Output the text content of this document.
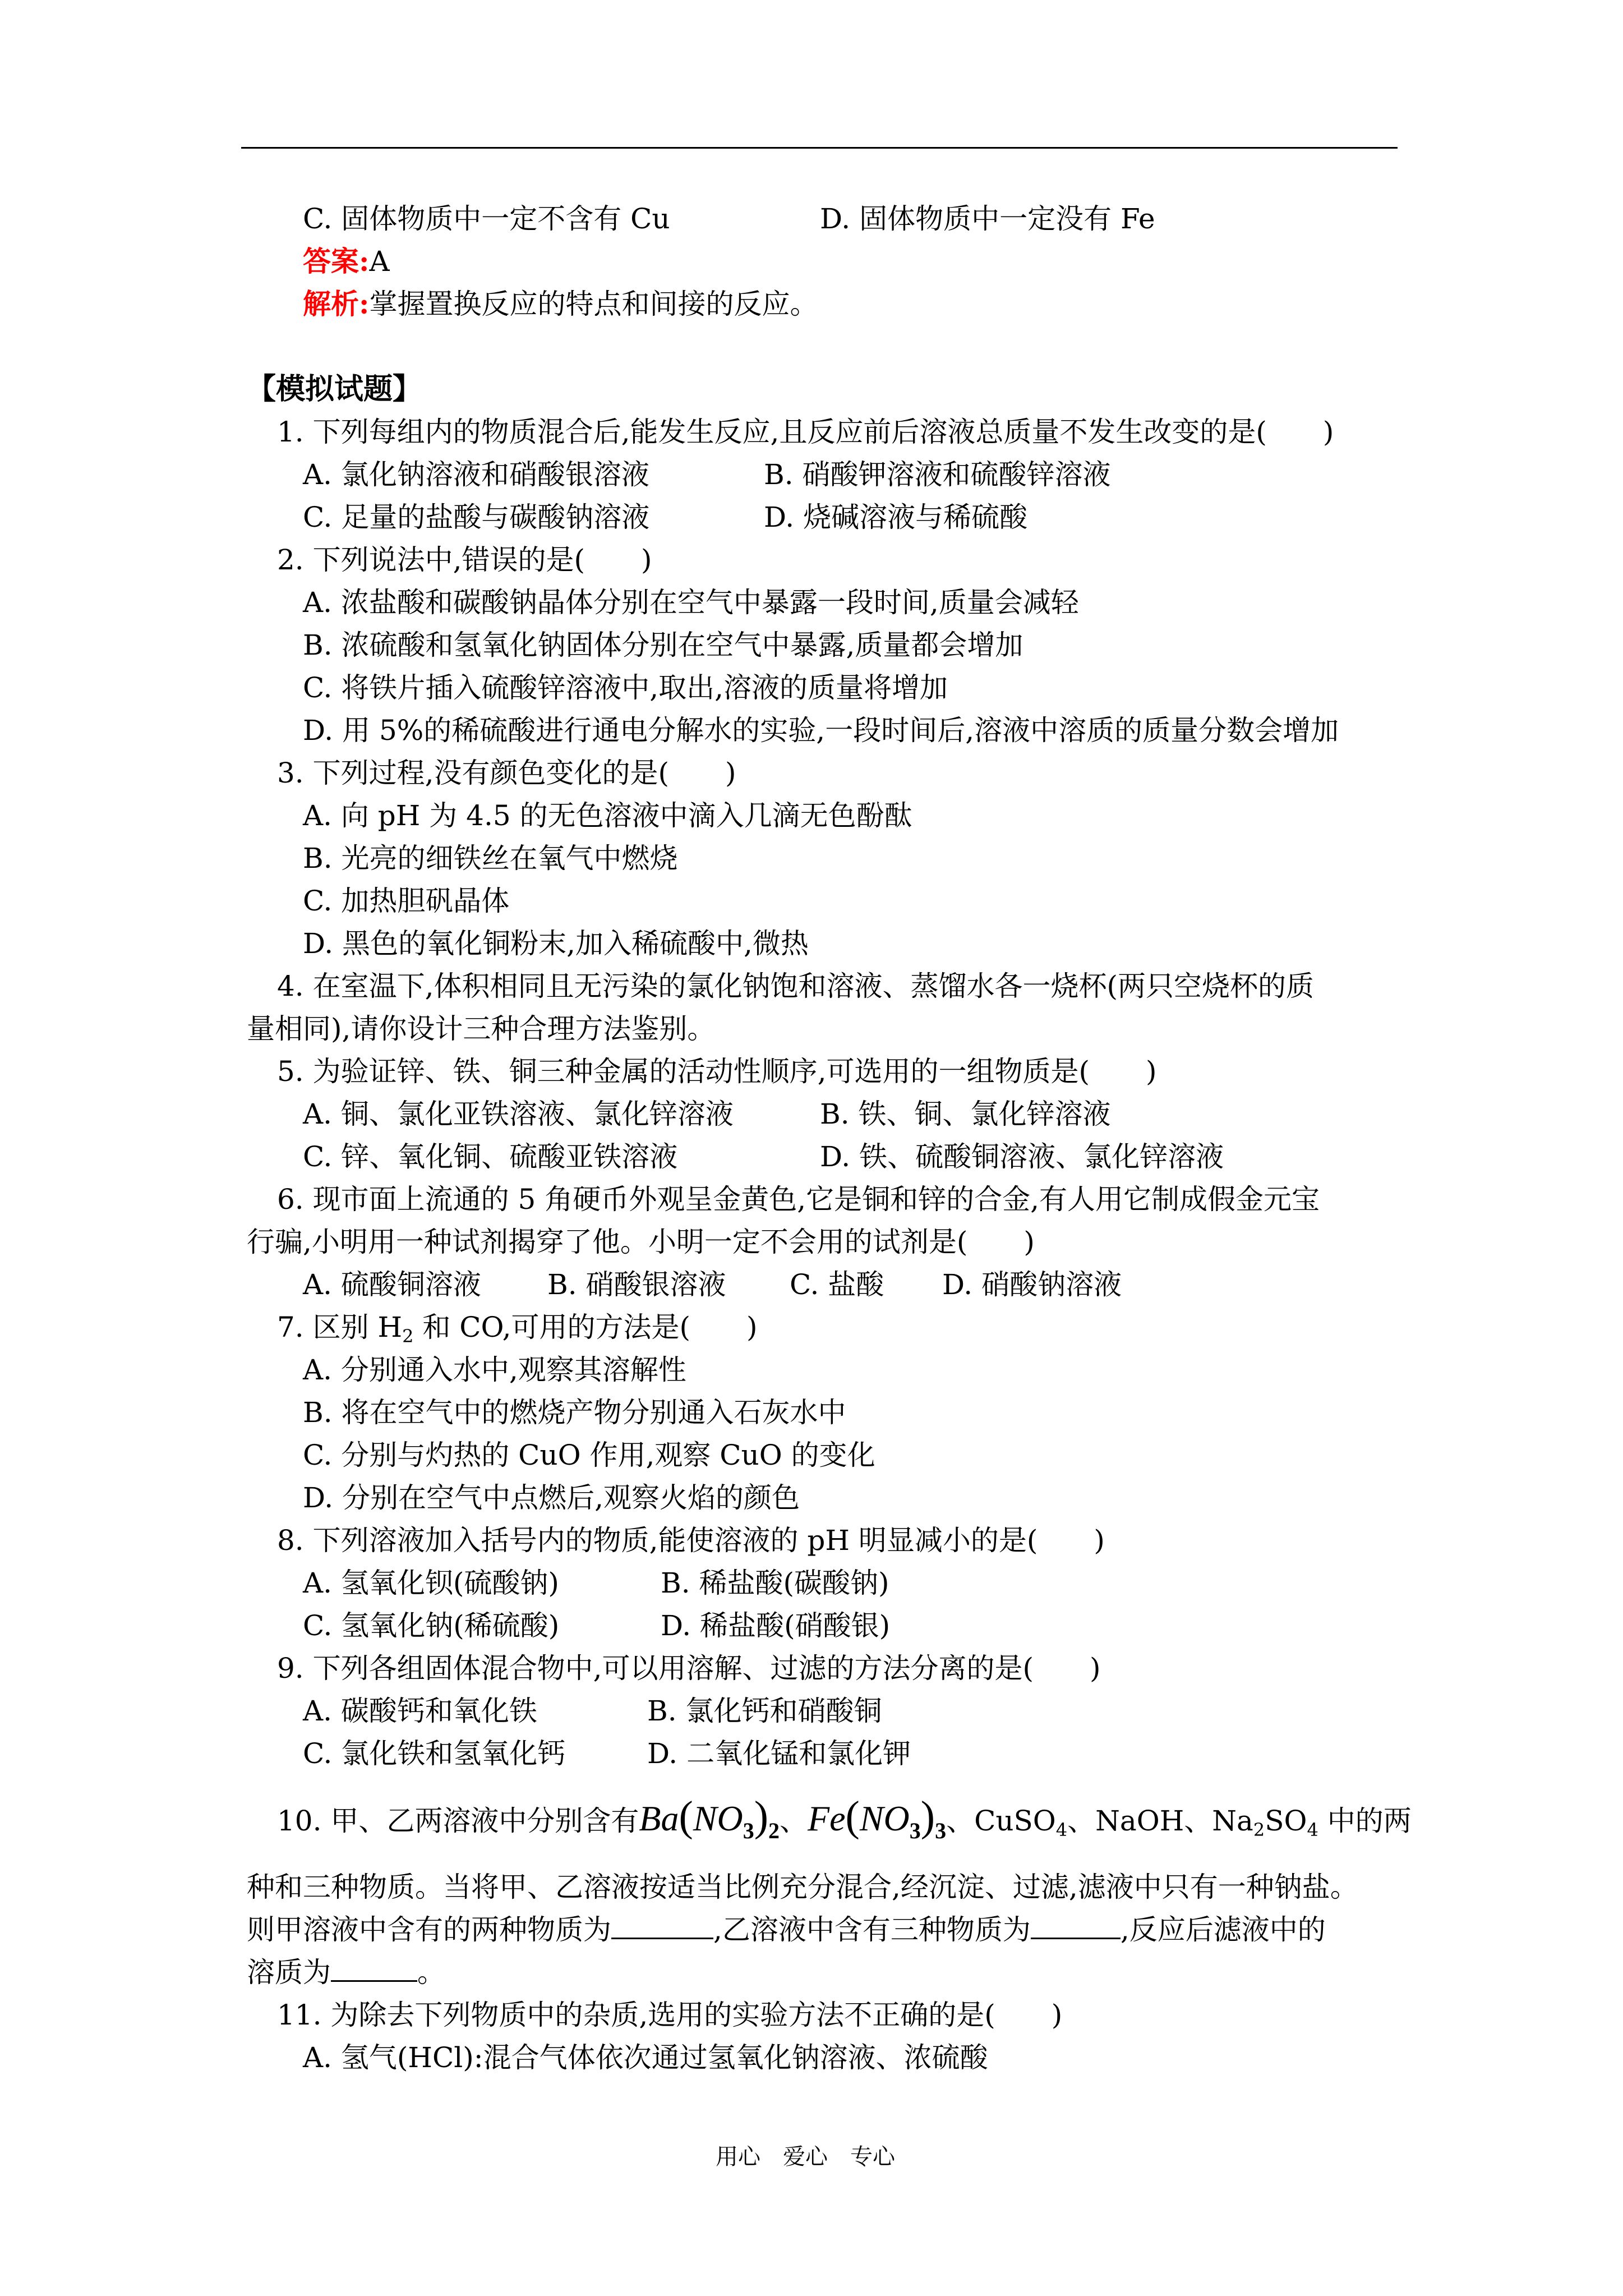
C. 固体物质中一定不含有 Cu	D. 固体物质中一定没有 Fe
答案:A
解析:掌握置换反应的特点和间接的反应。
【模拟试题】
1. 下列每组内的物质混合后,能发生反应,且反应前后溶液总质量不发生改变的是(　　)
A. 氯化钠溶液和硝酸银溶液	B. 硝酸钾溶液和硫酸锌溶液
C. 足量的盐酸与碳酸钠溶液	D. 烧碱溶液与稀硫酸
2. 下列说法中,错误的是(　　)
A. 浓盐酸和碳酸钠晶体分别在空气中暴露一段时间,质量会减轻
B. 浓硫酸和氢氧化钠固体分别在空气中暴露,质量都会增加
C. 将铁片插入硫酸锌溶液中,取出,溶液的质量将增加
D. 用 5%的稀硫酸进行通电分解水的实验,一段时间后,溶液中溶质的质量分数会增加
3. 下列过程,没有颜色变化的是(　　)
A. 向 pH 为 4.5 的无色溶液中滴入几滴无色酚酞
B. 光亮的细铁丝在氧气中燃烧
C. 加热胆矾晶体
D. 黑色的氧化铜粉末,加入稀硫酸中,微热
4. 在室温下,体积相同且无污染的氯化钠饱和溶液、蒸馏水各一烧杯(两只空烧杯的质
量相同),请你设计三种合理方法鉴别。
5. 为验证锌、铁、铜三种金属的活动性顺序,可选用的一组物质是(　　)
A. 铜、氯化亚铁溶液、氯化锌溶液	B. 铁、铜、氯化锌溶液
C. 锌、氧化铜、硫酸亚铁溶液	D. 铁、硫酸铜溶液、氯化锌溶液
6. 现市面上流通的 5 角硬币外观呈金黄色,它是铜和锌的合金,有人用它制成假金元宝
行骗,小明用一种试剂揭穿了他。小明一定不会用的试剂是(　　)
A. 硫酸铜溶液 B. 硝酸银溶液 C. 盐酸 D. 硝酸钠溶液
7. 区别 $H_2$ 和 CO,可用的方法是(　　)
A. 分别通入水中,观察其溶解性
B. 将在空气中的燃烧产物分别通入石灰水中
C. 分别与灼热的 CuO 作用,观察 CuO 的变化
D. 分别在空气中点燃后,观察火焰的颜色
8. 下列溶液加入括号内的物质,能使溶液的 pH 明显减小的是(　　)
A. 氢氧化钡(硫酸钠)	B. 稀盐酸(碳酸钠)
C. 氢氧化钠(稀硫酸)	D. 稀盐酸(硝酸银)
9. 下列各组固体混合物中,可以用溶解、过滤的方法分离的是(　　)
A. 碳酸钙和氧化铁	B. 氯化钙和硝酸铜
C. 氯化铁和氢氧化钙	D. 二氧化锰和氯化钾
10. 甲、乙两溶液中分别含有$Ba(NO_3)_2$、$Fe(NO_3)_3$、CuSO$_4$、NaOH、$Na_2SO_4$ 中的两
种和三种物质。当将甲、乙溶液按适当比例充分混合,经沉淀、过滤,滤液中只有一种钠盐。
则甲溶液中含有的两种物质为	,乙溶液中含有三种物质为	,反应后滤液中的
溶质为	。
11. 为除去下列物质中的杂质,选用的实验方法不正确的是(　　)
A. 氢气(HCl):混合气体依次通过氢氧化钠溶液、浓硫酸
用心　爱心　专心
